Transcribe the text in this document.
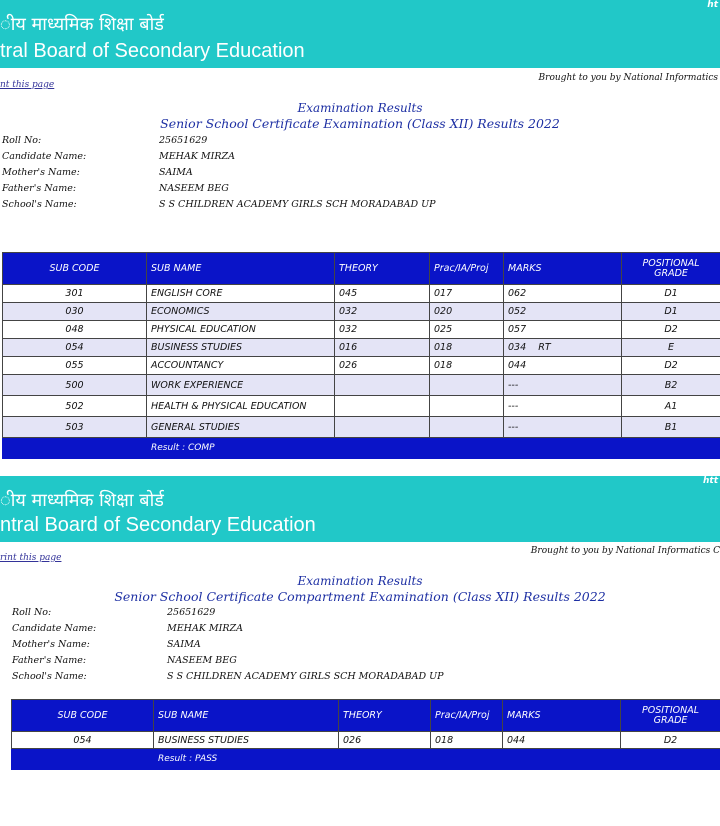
ीय माध्यमिक शिक्षा बोर्ड
tral Board of Secondary Education
ht
nt this page
Brought to you by National Informatics
Examination Results
Senior School Certificate Examination (Class XII) Results 2022
Roll No:	25651629
Candidate Name:	MEHAK MIRZA
Mother's Name:	SAIMA
Father's Name:	NASEEM BEG
School's Name:	S S CHILDREN ACADEMY GIRLS SCH MORADABAD UP
SUB CODE	SUB NAME	THEORY	Prac/IA/Proj	MARKS	POSITIONAL GRADE
301	ENGLISH CORE	045	017	062	D1
030	ECONOMICS	032	020	052	D1
048	PHYSICAL EDUCATION	032	025	057	D2
054	BUSINESS STUDIES	016	018	034    RT	E
055	ACCOUNTANCY	026	018	044	D2
500	WORK EXPERIENCE			---	B2
502	HEALTH & PHYSICAL EDUCATION			---	A1
503	GENERAL STUDIES			---	B1
	Result : COMP				
ीय माध्यमिक शिक्षा बोर्ड
ntral Board of Secondary Education
htt
rint this page
Brought to you by National Informatics C
Examination Results
Senior School Certificate Compartment Examination (Class XII) Results 2022
Roll No:	25651629
Candidate Name:	MEHAK MIRZA
Mother's Name:	SAIMA
Father's Name:	NASEEM BEG
School's Name:	S S CHILDREN ACADEMY GIRLS SCH MORADABAD UP
SUB CODE	SUB NAME	THEORY	Prac/IA/Proj	MARKS	POSITIONAL GRADE
054	BUSINESS STUDIES	026	018	044	D2
	Result : PASS				
